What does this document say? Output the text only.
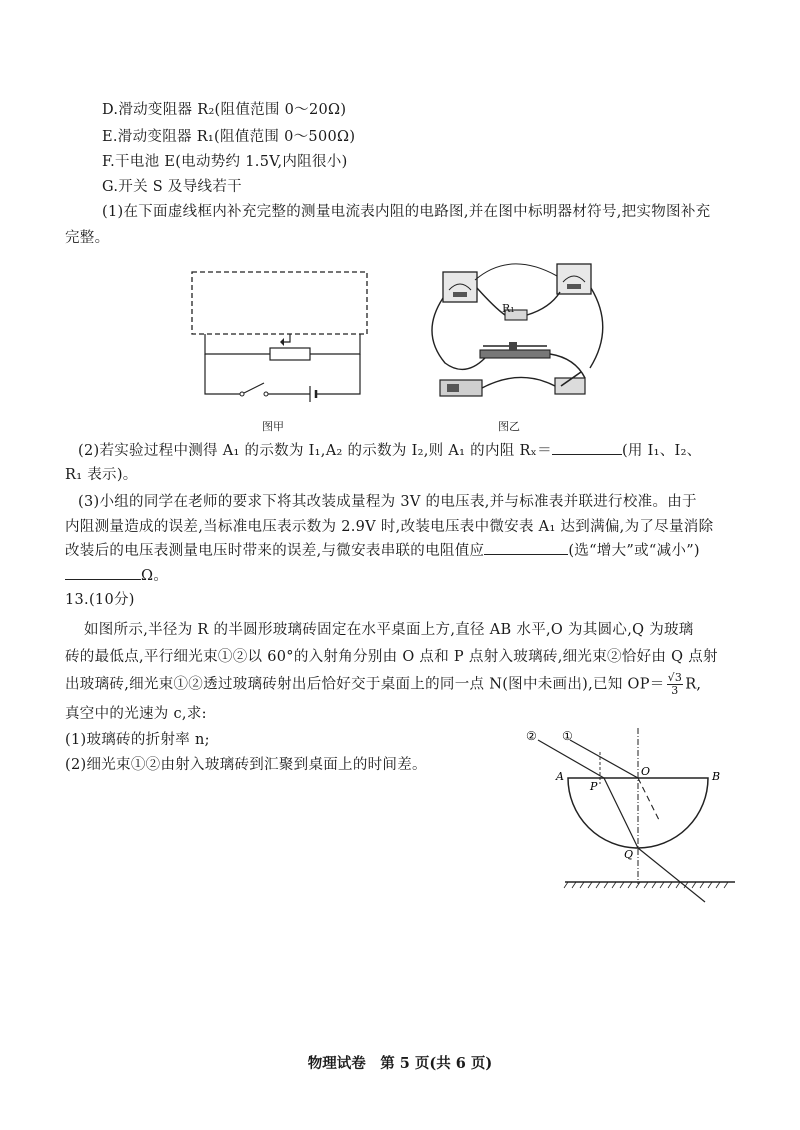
D.滑动变阻器 R₂(阻值范围 0～20Ω)
E.滑动变阻器 R₁(阻值范围 0～500Ω)
F.干电池 E(电动势约 1.5V,内阻很小)
G.开关 S 及导线若干
(1)在下面虚线框内补充完整的测量电流表内阻的电路图,并在图中标明器材符号,把实物图补充
完整。
图甲
R₁
图乙
(2)若实验过程中测得 A₁ 的示数为 I₁,A₂ 的示数为 I₂,则 A₁ 的内阻 Rₓ＝	(用 I₁、I₂、
R₁ 表示)。
(3)小组的同学在老师的要求下将其改装成量程为 3V 的电压表,并与标准表并联进行校准。由于
内阻测量造成的误差,当标准电压表示数为 2.9V 时,改装电压表中微安表 A₁ 达到满偏,为了尽量消除
改装后的电压表测量电压时带来的误差,与微安表串联的电阻值应	(选“增大”或“减小”)
Ω。
13.(10分)
如图所示,半径为 R 的半圆形玻璃砖固定在水平桌面上方,直径 AB 水平,O 为其圆心,Q 为玻璃
砖的最低点,平行细光束①②以 60°的入射角分别由 O 点和 P 点射入玻璃砖,细光束②恰好由 Q 点射
出玻璃砖,细光束①②透过玻璃砖射出后恰好交于桌面上的同一点 N(图中未画出),已知 $OP= \frac{√3}{3} R$,
真空中的光速为 c,求:
(1)玻璃砖的折射率 n;
(2)细光束①②由射入玻璃砖到汇聚到桌面上的时间差。
② ①
A	B
O
P
Q
物理试卷　第 5 页(共 6 页)
